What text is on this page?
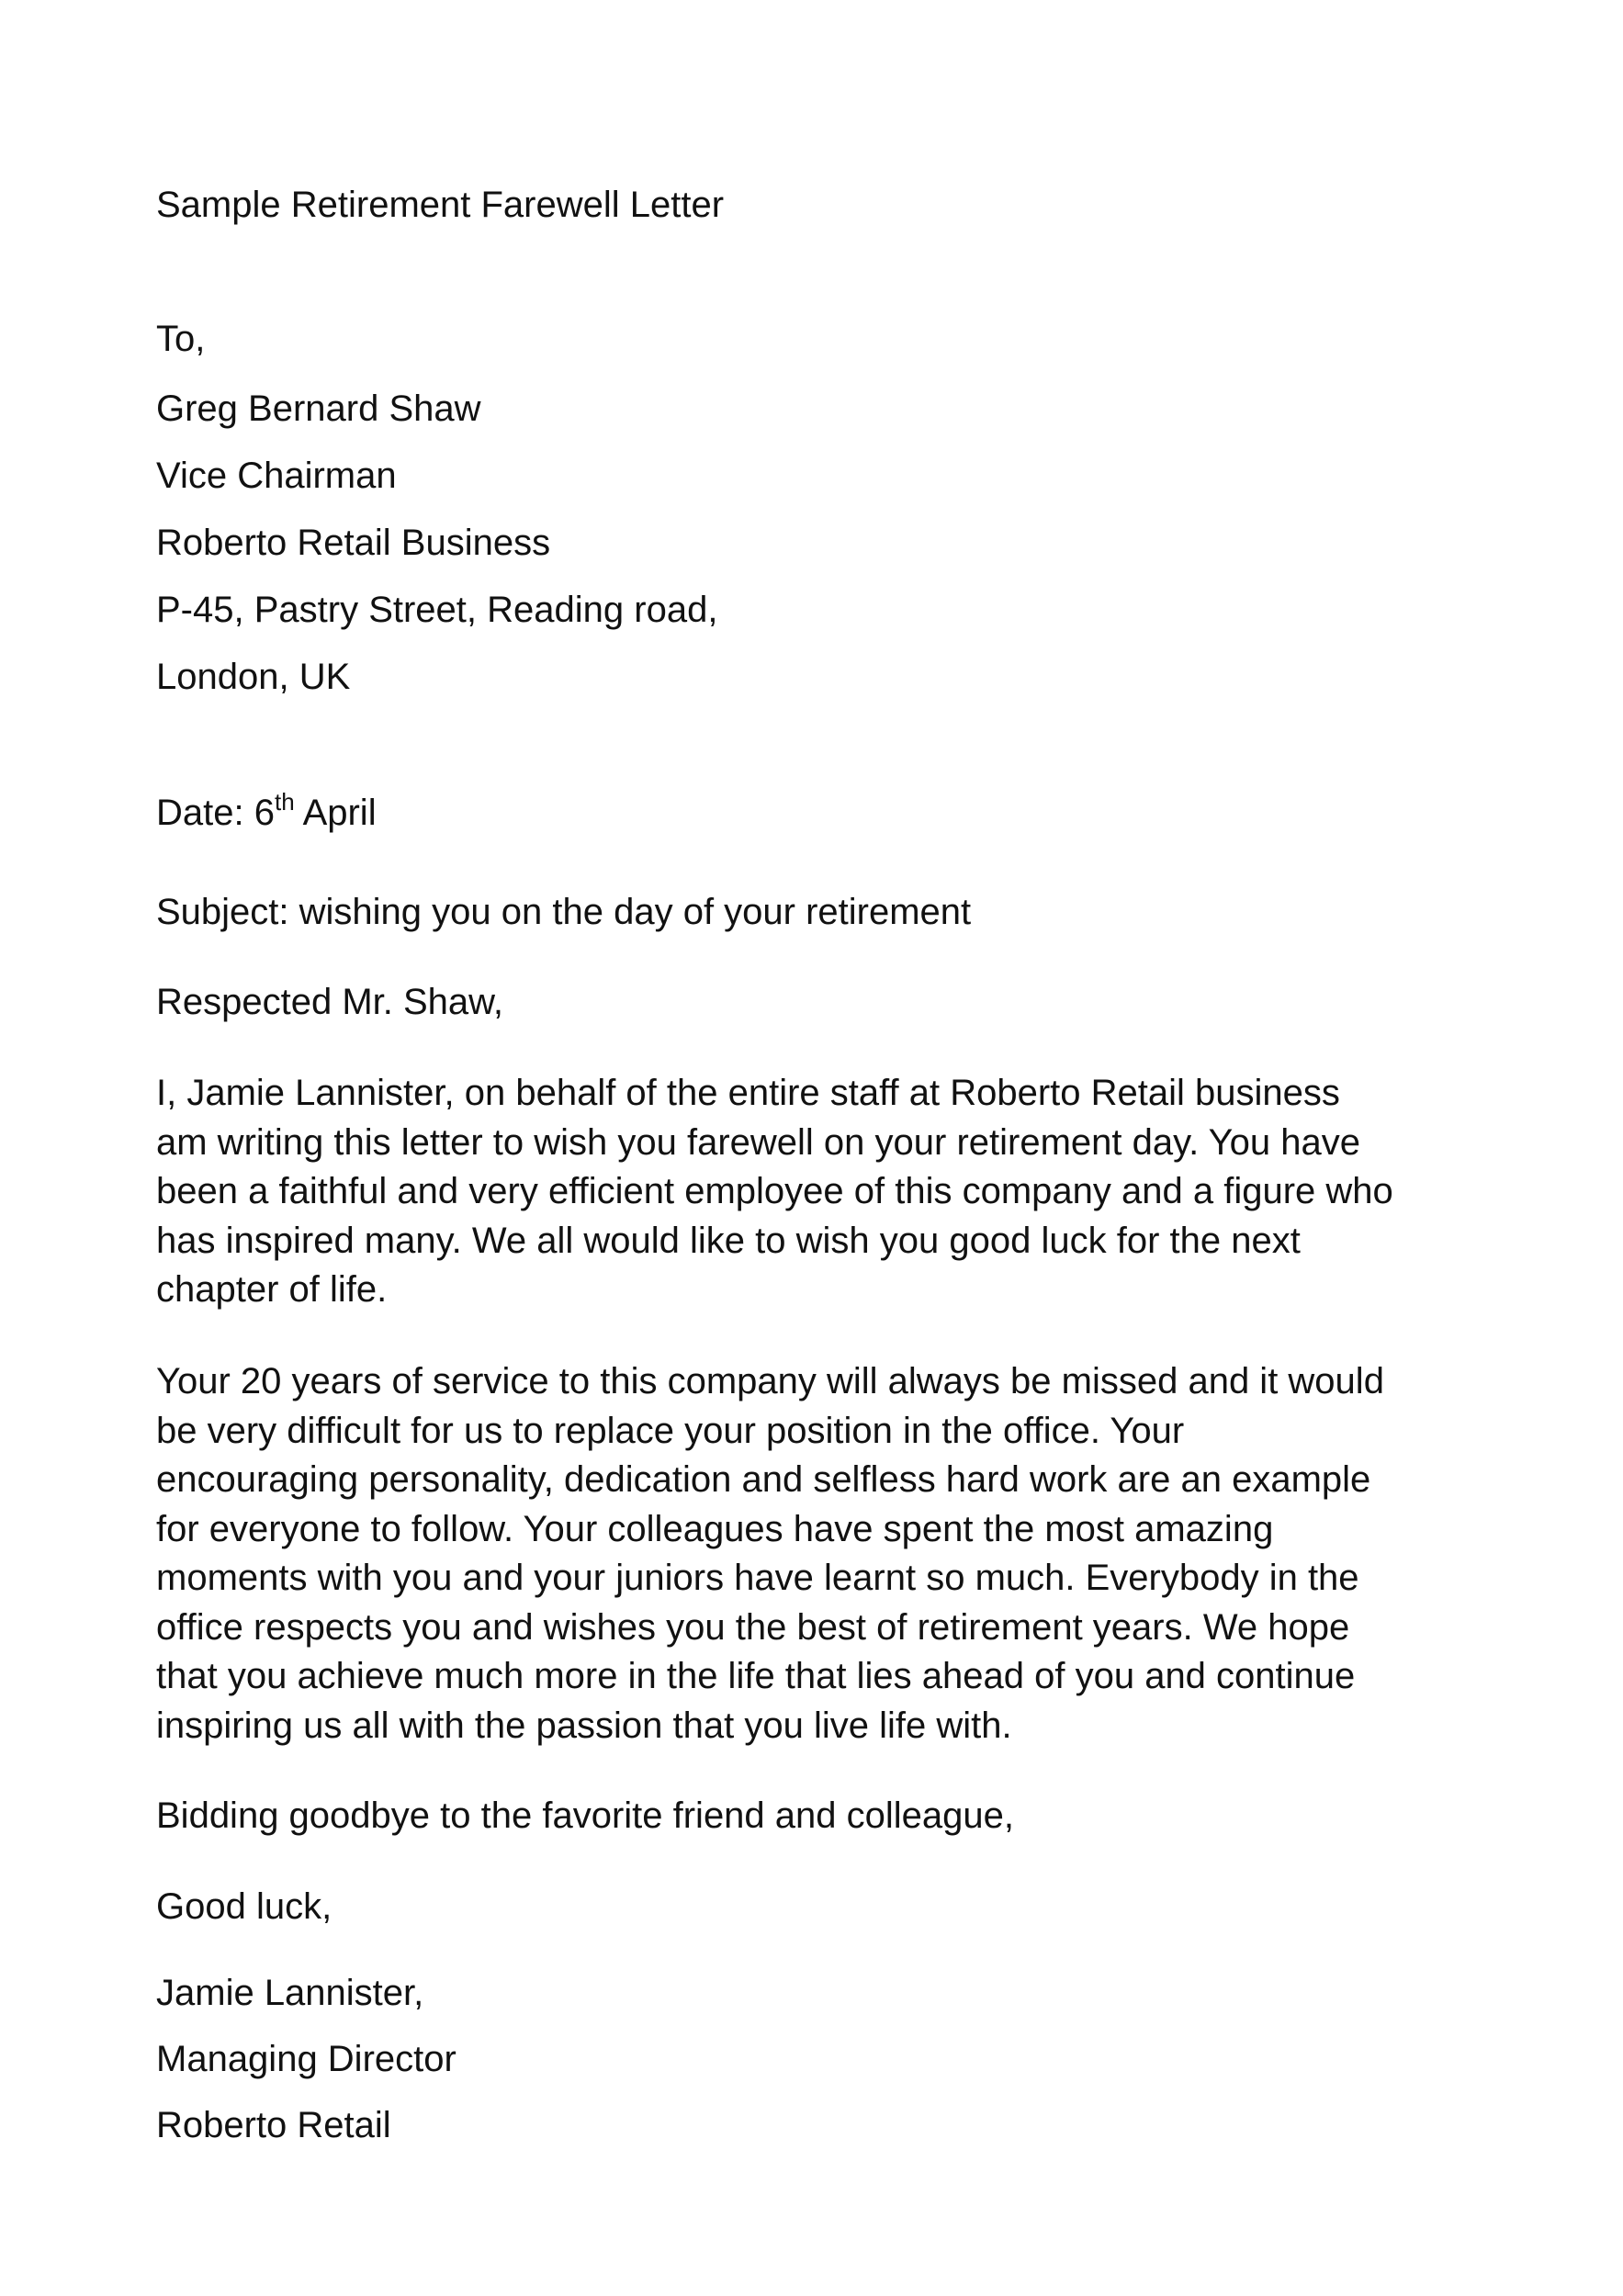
Sample Retirement Farewell Letter
To,
Greg Bernard Shaw
Vice Chairman
Roberto Retail Business
P-45, Pastry Street, Reading road,
London, UK
Date: 6th April
Subject: wishing you on the day of your retirement
Respected Mr. Shaw,
I, Jamie Lannister, on behalf of the entire staff at Roberto Retail business
am writing this letter to wish you farewell on your retirement day. You have
been a faithful and very efficient employee of this company and a figure who
has inspired many. We all would like to wish you good luck for the next
chapter of life.
Your 20 years of service to this company will always be missed and it would
be very difficult for us to replace your position in the office. Your
encouraging personality, dedication and selfless hard work are an example
for everyone to follow. Your colleagues have spent the most amazing
moments with you and your juniors have learnt so much. Everybody in the
office respects you and wishes you the best of retirement years. We hope
that you achieve much more in the life that lies ahead of you and continue
inspiring us all with the passion that you live life with.
Bidding goodbye to the favorite friend and colleague,
Good luck,
Jamie Lannister,
Managing Director
Roberto Retail
